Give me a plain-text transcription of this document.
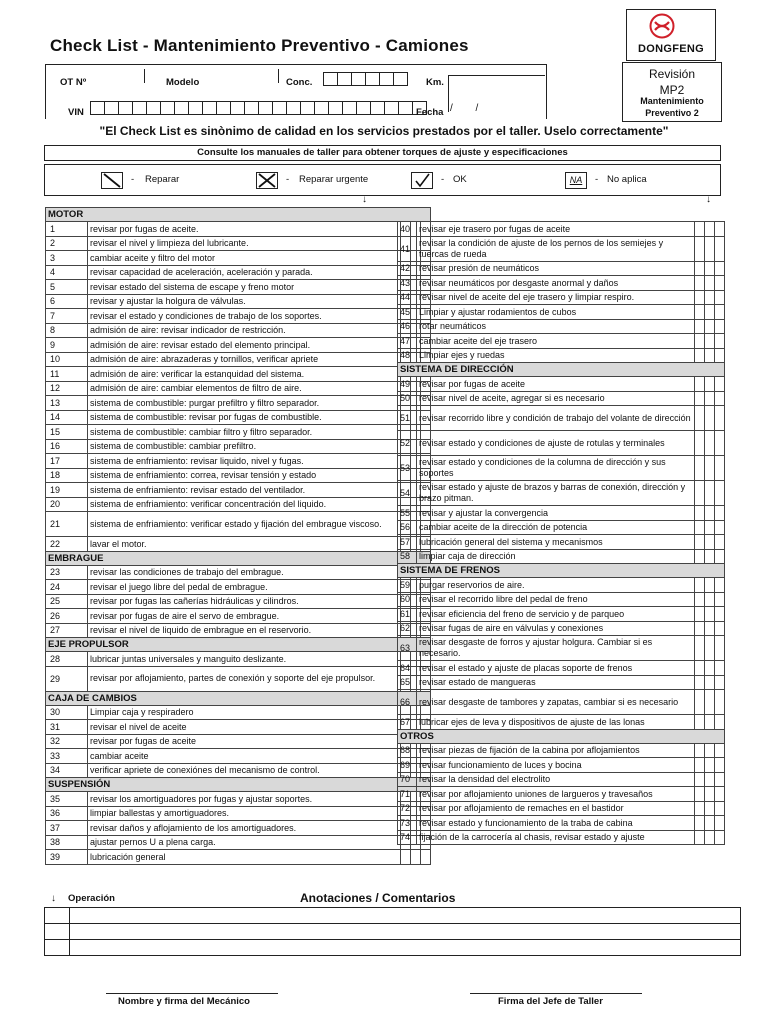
Check List - Mantenimiento Preventivo - Camiones	DONGFENG
Revisión
MP2
Mantenimiento
Preventivo 2
OT Nº	Modelo	Conc.	Km.
VIN	Fecha / /
"El Check List es sinònimo de calidad en los servicios prestados por el taller. Uselo correctamente"
Consulte los manuales de taller para obtener torques de ajuste y especificaciones
- Reparar	- Reparar urgente	- OK	NA	- No aplica
↓	↓
MOTOR				
1	revisar por fugas de aceite.			
2	revisar el nivel y limpieza del lubricante.			
3	cambiar aceite y filtro del motor			
4	revisar capacidad de aceleración, aceleración y parada.			
5	revisar estado del sistema de escape y freno motor			
6	revisar y ajustar la holgura de válvulas.			
7	revisar el estado y condiciones de trabajo de los soportes.			
8	admisión de aire: revisar indicador de restricción.			
9	admisión de aire: revisar estado del elemento principal.			
10	admisión de aire: abrazaderas y tornillos, verificar apriete			
11	admisión de aire: verificar la estanquidad del sistema.			
12	admisión de aire: cambiar elementos de filtro de aire.			
13	sistema de combustible: purgar prefiltro y filtro separador.			
14	sistema de combustible: revisar por fugas de combustible.			
15	sistema de combustible: cambiar filtro y filtro separador.			
16	sistema de combustible: cambiar prefiltro.			
17	sistema de enfriamiento: revisar liquido, nivel y fugas.			
18	sistema de enfriamiento: correa, revisar tensión y estado			
19	sistema de enfriamiento: revisar estado del ventilador.			
20	sistema de enfriamiento: verificar concentración del liquido.			
21	sistema de enfriamiento: verificar estado y fijación del embrague viscoso.			
22	lavar el motor.			
EMBRAGUE				
23	revisar las condiciones de trabajo del embrague.			
24	revisar el juego libre del pedal de embrague.			
25	revisar por fugas las cañerías hidráulicas y cilindros.			
26	revisar por fugas de aire el servo de embrague.			
27	revisar el nivel de liquido de embrague en el reservorio.			
EJE PROPULSOR				
28	lubricar juntas universales y manguito deslizante.			
29	revisar por aflojamiento, partes de conexión y soporte del eje propulsor.			
CAJA DE CAMBIOS				
30	Limpiar caja y respiradero			
31	revisar el nivel de aceite			
32	revisar por fugas de aceite			
33	cambiar aceite			
34	verificar apriete de conexiónes del mecanismo de control.			
SUSPENSIÓN				
35	revisar los amortiguadores por fugas y ajustar soportes.			
36	limpiar ballestas y amortiguadores.			
37	revisar daños y aflojamiento de los amortiguadores.			
38	ajustar pernos U a plena carga.			
39	lubricación general			
40	revisar eje trasero por fugas de aceite			
41	revisar la condición de ajuste de los pernos de los semiejes y tuercas de rueda			
42	revisar presión de neumáticos			
43	revisar neumáticos por desgaste anormal y daños			
44	revisar nivel de aceite del eje trasero y limpiar respiro.			
45	Limpiar y ajustar rodamientos de cubos			
46	rotar neumáticos			
47	cambiar aceite del eje trasero			
48	Limpiar ejes y ruedas			
SISTEMA DE DIRECCIÓN				
49	revisar por fugas de aceite			
50	revisar nivel de aceite, agregar si es necesario			
51	revisar recorrido libre y condición de trabajo del volante de dirección			
52	revisar estado y condiciones de ajuste de rotulas y terminales			
53	revisar estado y condiciones de la columna de dirección y sus soportes			
54	revisar estado y ajuste de brazos y barras de conexión, dirección y brazo pitman.			
55	revisar y ajustar la convergencia			
56	cambiar aceite de la dirección de potencia			
57	lubricación general del sistema y mecanismos			
58	limpiar caja de dirección			
SISTEMA DE FRENOS				
59	purgar reservorios de aire.			
60	revisar el recorrido libre del pedal de freno			
61	revisar eficiencia del freno de servicio y de parqueo			
62	revisar fugas de aire en válvulas y conexiones			
63	revisar desgaste de forros y ajustar holgura. Cambiar si es necesario.			
64	revisar el estado y ajuste de placas soporte de frenos			
65	revisar estado de mangueras			
66	revisar desgaste de tambores y zapatas, cambiar si es necesario			
67	lubricar ejes de leva y dispositivos de ajuste de las lonas			
OTROS				
68	revisar piezas de fijación de la cabina por aflojamientos			
69	revisar funcionamiento de luces y bocina			
70	revisar la densidad del electrolito			
71	revisar por aflojamiento uniones de largueros y travesaños			
72	revisar por aflojamiento de remaches en el bastidor			
73	revisar estado y funcionamiento de la traba de cabina			
74	fijación de la carrocería al chasis, revisar estado y ajuste			
↓ Operación	Anotaciones / Comentarios

Nombre y firma del Mecánico	Firma del Jefe de Taller
